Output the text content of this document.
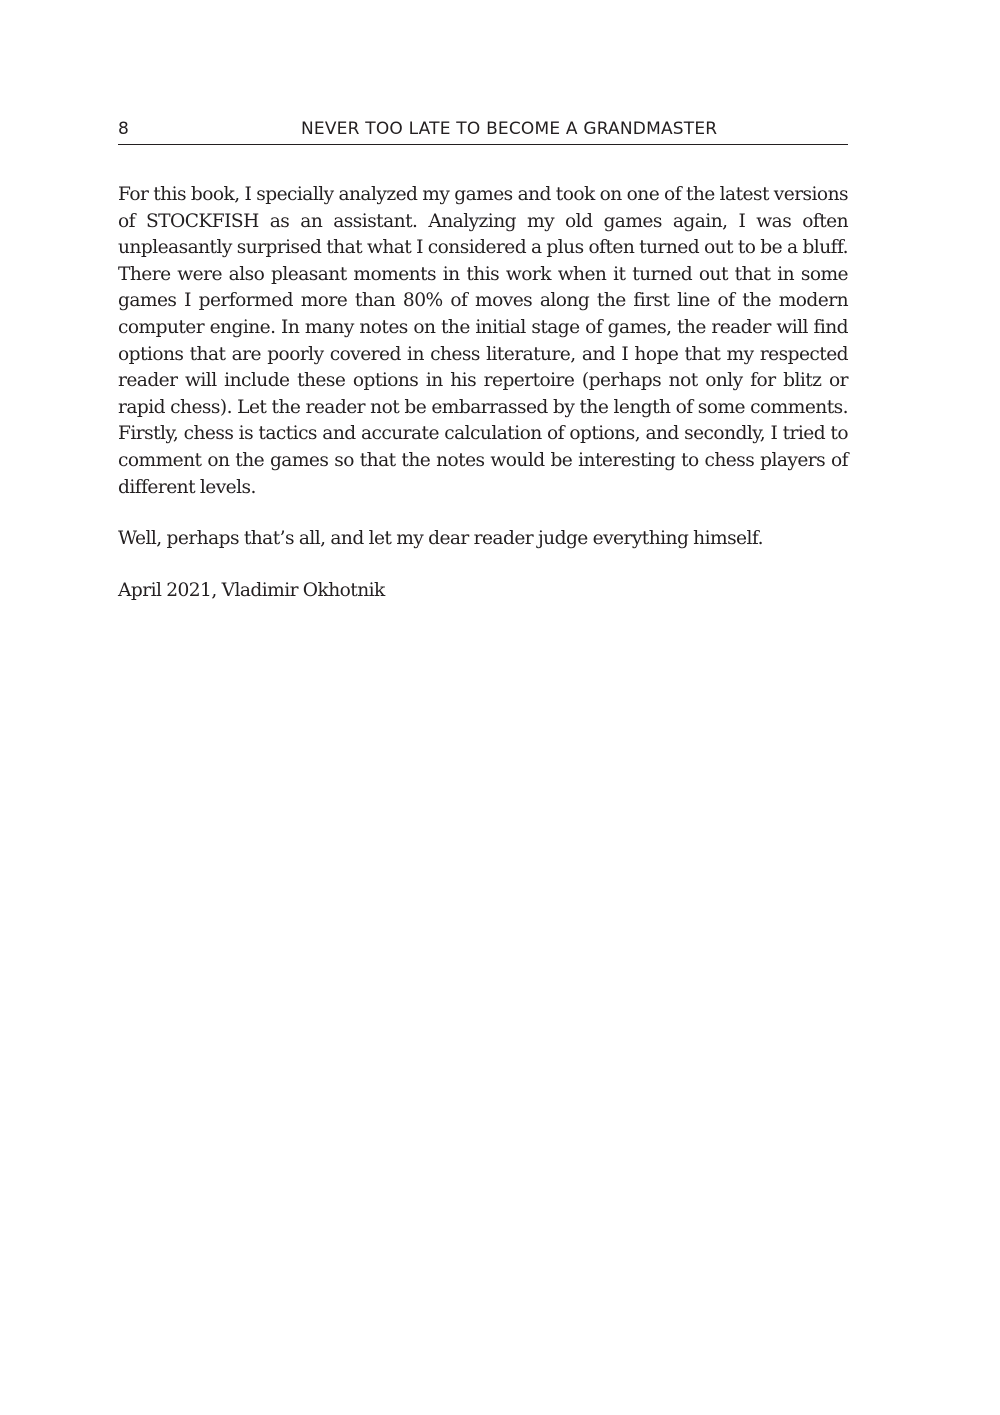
8	NEVER TOO LATE TO BECOME A GRANDMASTER

For this book, I specially analyzed my games and took on one of the latest versions of STOCKFISH as an assistant. Analyzing my old games again, I was often unpleasantly surprised that what I considered a plus often turned out to be a bluff. There were also pleasant moments in this work when it turned out that in some games I performed more than 80% of moves along the first line of the modern computer engine. In many notes on the initial stage of games, the reader will find options that are poorly covered in chess literature, and I hope that my respected reader will include these options in his repertoire (perhaps not only for blitz or rapid chess). Let the reader not be embarrassed by the length of some comments. Firstly, chess is tactics and accurate calculation of options, and secondly, I tried to comment on the games so that the notes would be interesting to chess players of different levels.

Well, perhaps that’s all, and let my dear reader judge everything himself.

April 2021, Vladimir Okhotnik
